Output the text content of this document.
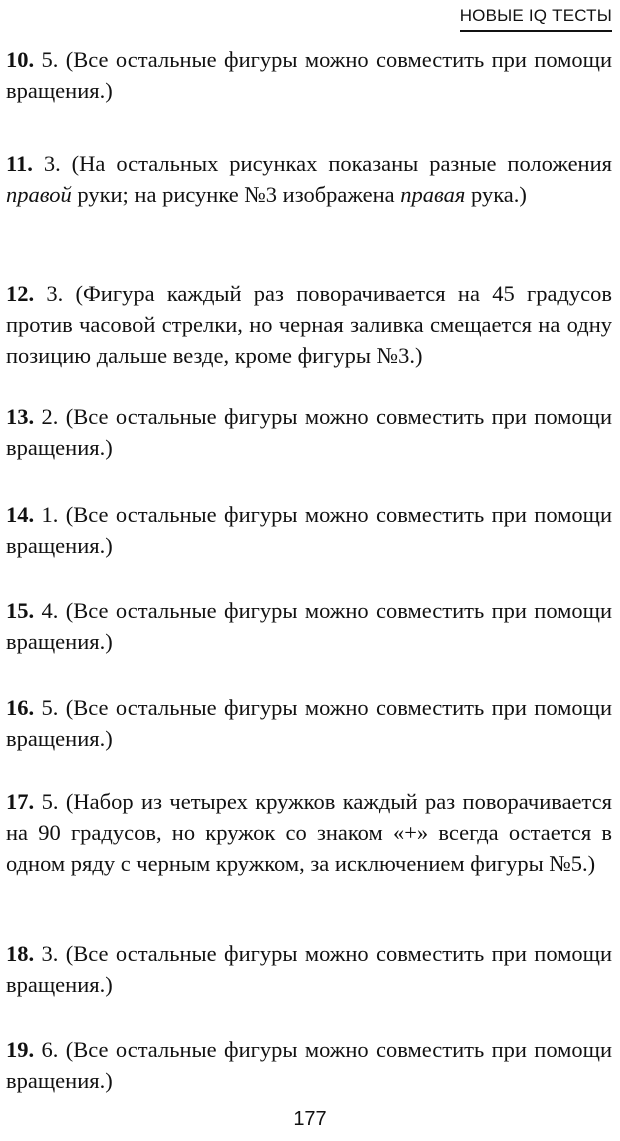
НОВЫЕ IQ ТЕСТЫ

10. 5. (Все остальные фигуры можно совместить при помощи вращения.)

11. 3. (На остальных рисунках показаны разные положения правой руки; на рисунке №3 изображена правая рука.)

12. 3. (Фигура каждый раз поворачивается на 45 градусов против часовой стрелки, но черная заливка смещается на одну позицию дальше везде, кроме фигуры №3.)

13. 2. (Все остальные фигуры можно совместить при помощи вращения.)

14. 1. (Все остальные фигуры можно совместить при помощи вращения.)

15. 4. (Все остальные фигуры можно совместить при помощи вращения.)

16. 5. (Все остальные фигуры можно совместить при помощи вращения.)

17. 5. (Набор из четырех кружков каждый раз поворачивается на 90 градусов, но кружок со знаком «+» всегда остается в одном ряду с черным кружком, за исключением фигуры №5.)

18. 3. (Все остальные фигуры можно совместить при помощи вращения.)

19. 6. (Все остальные фигуры можно совместить при помощи вращения.)

177
